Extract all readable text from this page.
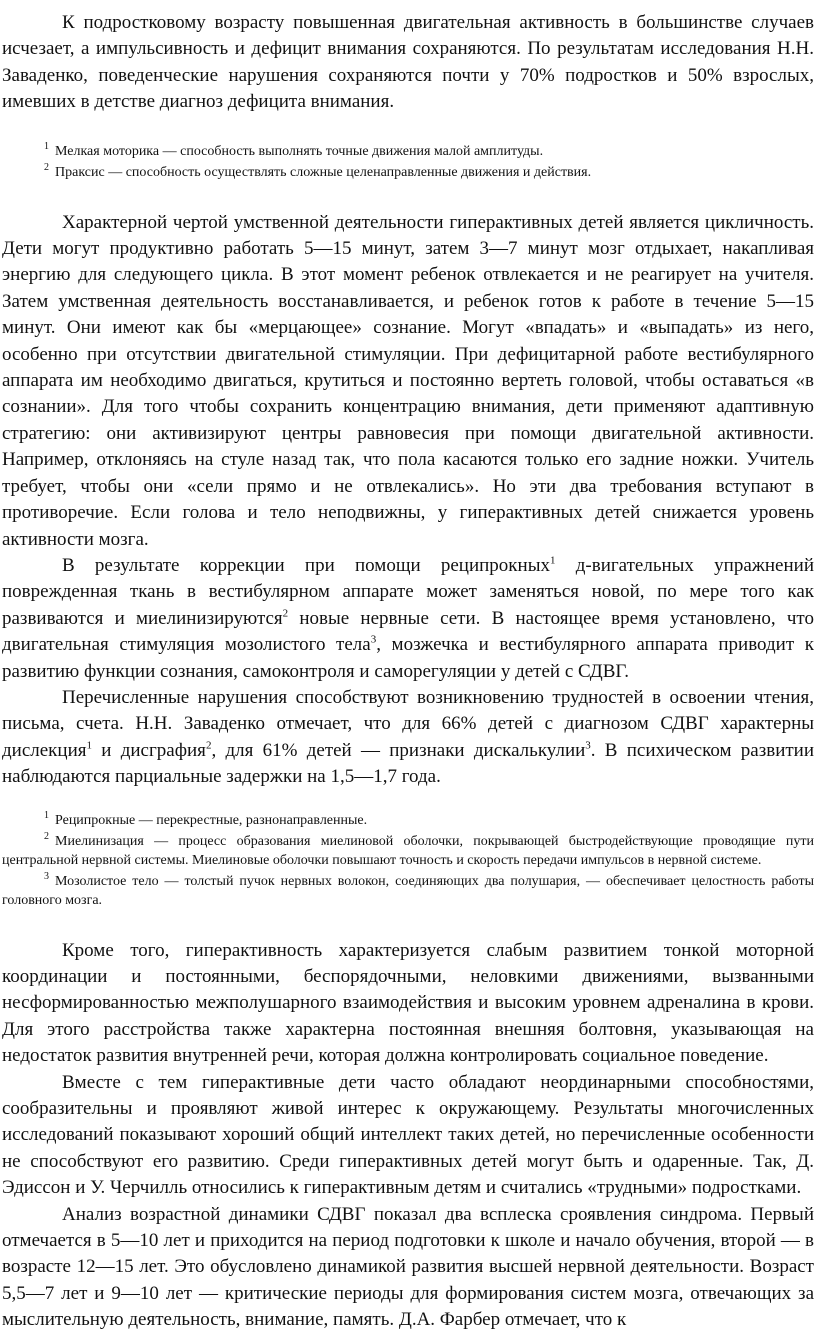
К подростковому возрасту повышенная двигательная активность в большинстве случаев исчезает, а импульсивность и дефицит внимания сохраняются. По результатам исследования Н.Н. Заваденко, поведенческие нарушения сохраняются почти у 70% подростков и 50% взрослых, имевших в детстве диагноз дефицита внимания.

$^1$ Мелкая моторика — способность выполнять точные движения малой амплитуды.

$^2$ Праксис — способность осуществлять сложные целенаправленные движения и действия.

Характерной чертой умственной деятельности гиперактивных детей является цикличность. Дети могут продуктивно работать 5—15 минут, затем 3—7 минут мозг отдыхает, накапливая энергию для следующего цикла. В этот момент ребенок отвлекается и не реагирует на учителя. Затем умственная деятельность восстанавливается, и ребенок готов к работе в течение 5—15 минут. Они имеют как бы «мерцающее» сознание. Могут «впадать» и «выпадать» из него, особенно при отсутствии двигательной стимуляции. При дефицитарной работе вестибулярного аппарата им необходимо двигаться, крутиться и постоянно вертеть головой, чтобы оставаться «в сознании». Для того чтобы сохранить концентрацию внимания, дети применяют адаптивную стратегию: они активизируют центры равновесия при помощи двигательной активности. Например, отклоняясь на стуле назад так, что пола касаются только его задние ножки. Учитель требует, чтобы они «сели прямо и не отвлекались». Но эти два требования вступают в противоречие. Если голова и тело неподвижны, у гиперактивных детей снижается уровень активности мозга.

В результате коррекции при помощи реципрокных$^1$ д-вигательных упражнений поврежденная ткань в вестибулярном аппарате может заменяться новой, по мере того как развиваются и миелинизируются$^2$ новые нервные сети. В настоящее время установлено, что двигательная стимуляция мозолистого тела$^3$, мозжечка и вестибулярного аппарата приводит к развитию функции сознания, самоконтроля и саморегуляции у детей с СДВГ.

Перечисленные нарушения способствуют возникновению трудностей в освоении чтения, письма, счета. Н.Н. Заваденко отмечает, что для 66% детей с диагнозом СДВГ характерны дислекция$^1$ и дисграфия$^2$, для 61% детей — признаки дискалькулии$^3$. В психическом развитии наблюдаются парциальные задержки на 1,5—1,7 года.

$^1$ Реципрокные — перекрестные, разнонаправленные.

$^2$ Миелинизация — процесс образования миелиновой оболочки, покрывающей быстродействующие проводящие пути центральной нервной системы. Миелиновые оболочки повышают точность и скорость передачи импульсов в нервной системе.

$^3$ Мозолистое тело — толстый пучок нервных волокон, соединяющих два полушария, — обеспечивает целостность работы головного мозга.

Кроме того, гиперактивность характеризуется слабым развитием тонкой моторной координации и постоянными, беспорядочными, неловкими движениями, вызванными несформированностью межполушарного взаимодействия и высоким уровнем адреналина в крови. Для этого расстройства также характерна постоянная внешняя болтовня, указывающая на недостаток развития внутренней речи, которая должна контролировать социальное поведение.

Вместе с тем гиперактивные дети часто обладают неординарными способностями, сообразительны и проявляют живой интерес к окружающему. Результаты многочисленных исследований показывают хороший общий интеллект таких детей, но перечисленные особенности не способствуют его развитию. Среди гиперактивных детей могут быть и одаренные. Так, Д. Эдиссон и У. Черчилль относились к гиперактивным детям и считались «трудными» подростками.

Анализ возрастной динамики СДВГ показал два всплеска сроявления синдрома. Первый отмечается в 5—10 лет и приходится на период подготовки к школе и начало обучения, второй — в возрасте 12—15 лет. Это обусловлено динамикой развития высшей нервной деятельности. Возраст 5,5—7 лет и 9—10 лет — критические периоды для формирования систем мозга, отвечающих за мыслительную деятельность, внимание, память. Д.А. Фарбер отмечает, что к
